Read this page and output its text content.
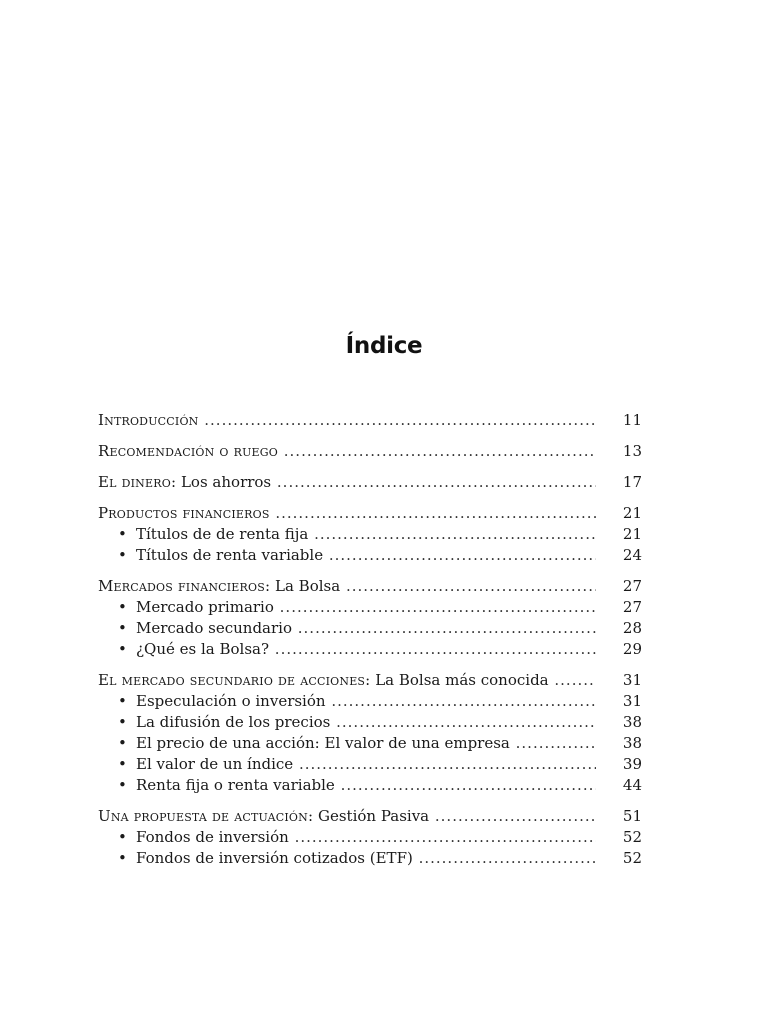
Índice
Introducción .....	11
Recomendación o ruego .....	13
El dinero: Los ahorros .....	17
Productos financieros .....	21
• Títulos de de renta fija .....	21
• Títulos de renta variable .....	24
Mercados financieros: La Bolsa .....	27
• Mercado primario .....	27
• Mercado secundario .....	28
• ¿Qué es la Bolsa? .....	29
El mercado secundario de acciones: La Bolsa más conocida .....	31
• Especulación o inversión .....	31
• La difusión de los precios .....	38
• El precio de una acción: El valor de una empresa .....	38
• El valor de un índice .....	39
• Renta fija o renta variable .....	44
Una propuesta de actuación: Gestión Pasiva .....	51
• Fondos de inversión .....	52
• Fondos de inversión cotizados (ETF) .....	52
